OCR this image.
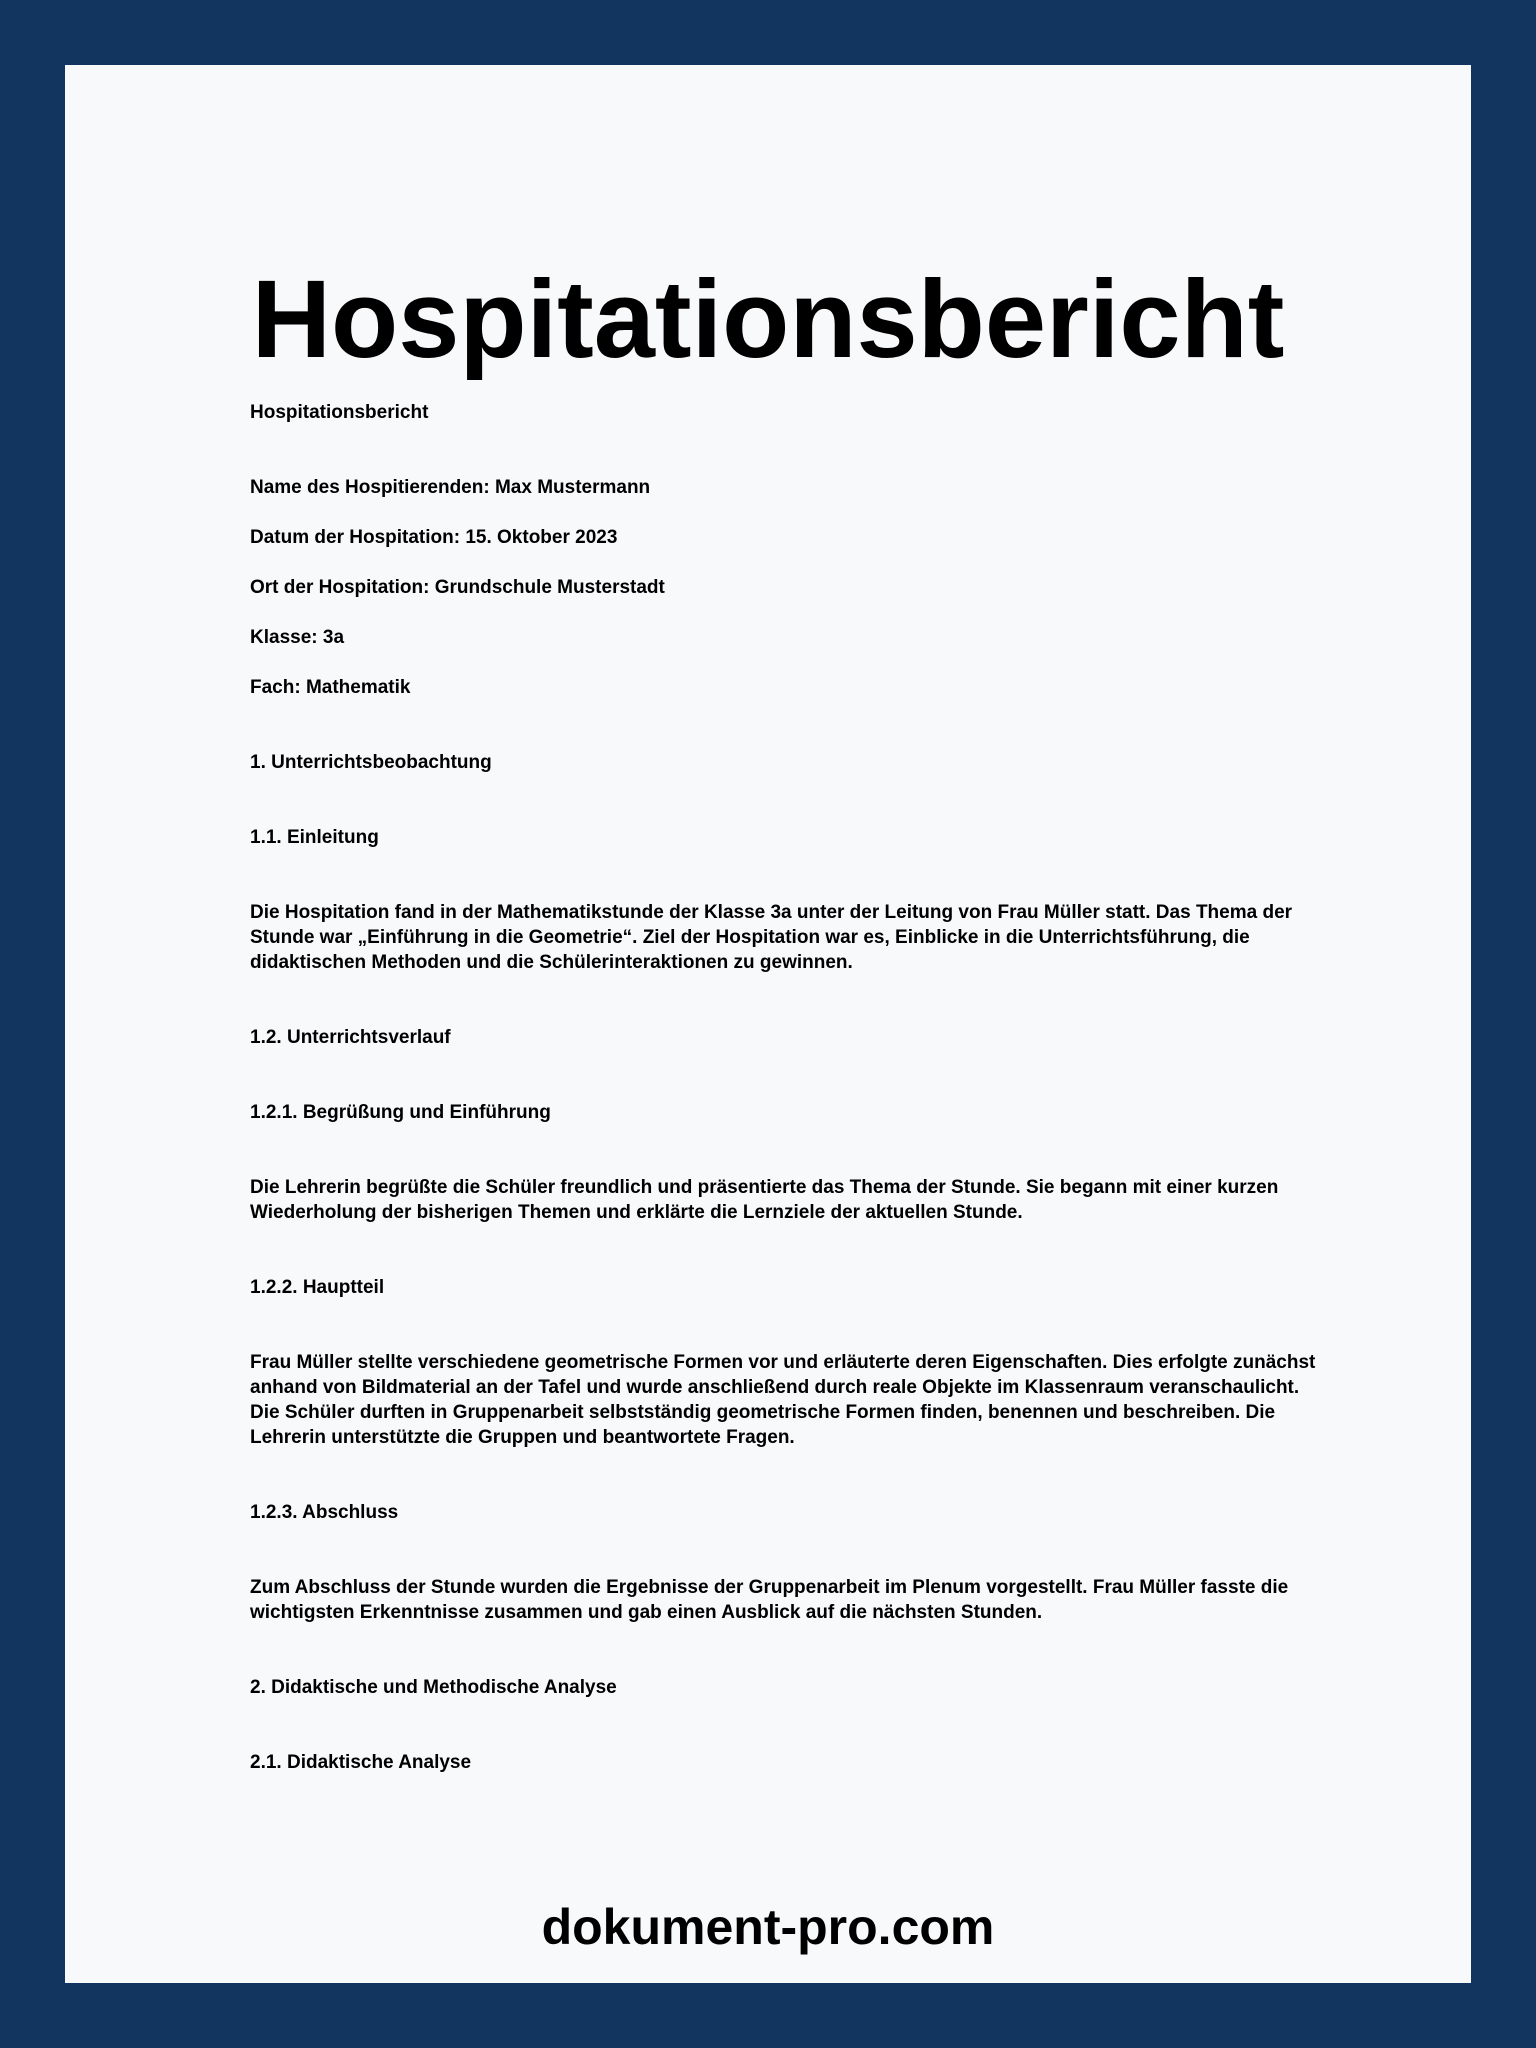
Hospitationsbericht

Hospitationsbericht

Name des Hospitierenden: Max Mustermann

Datum der Hospitation: 15. Oktober 2023

Ort der Hospitation: Grundschule Musterstadt

Klasse: 3a

Fach: Mathematik

1. Unterrichtsbeobachtung

1.1. Einleitung

Die Hospitation fand in der Mathematikstunde der Klasse 3a unter der Leitung von Frau Müller statt. Das Thema der Stunde war „Einführung in die Geometrie“. Ziel der Hospitation war es, Einblicke in die Unterrichtsführung, die didaktischen Methoden und die Schülerinteraktionen zu gewinnen.

1.2. Unterrichtsverlauf

1.2.1. Begrüßung und Einführung

Die Lehrerin begrüßte die Schüler freundlich und präsentierte das Thema der Stunde. Sie begann mit einer kurzen Wiederholung der bisherigen Themen und erklärte die Lernziele der aktuellen Stunde.

1.2.2. Hauptteil

Frau Müller stellte verschiedene geometrische Formen vor und erläuterte deren Eigenschaften. Dies erfolgte zunächst anhand von Bildmaterial an der Tafel und wurde anschließend durch reale Objekte im Klassenraum veranschaulicht. Die Schüler durften in Gruppenarbeit selbstständig geometrische Formen finden, benennen und beschreiben. Die Lehrerin unterstützte die Gruppen und beantwortete Fragen.

1.2.3. Abschluss

Zum Abschluss der Stunde wurden die Ergebnisse der Gruppenarbeit im Plenum vorgestellt. Frau Müller fasste die wichtigsten Erkenntnisse zusammen und gab einen Ausblick auf die nächsten Stunden.

2. Didaktische und Methodische Analyse

2.1. Didaktische Analyse

dokument-pro.com
